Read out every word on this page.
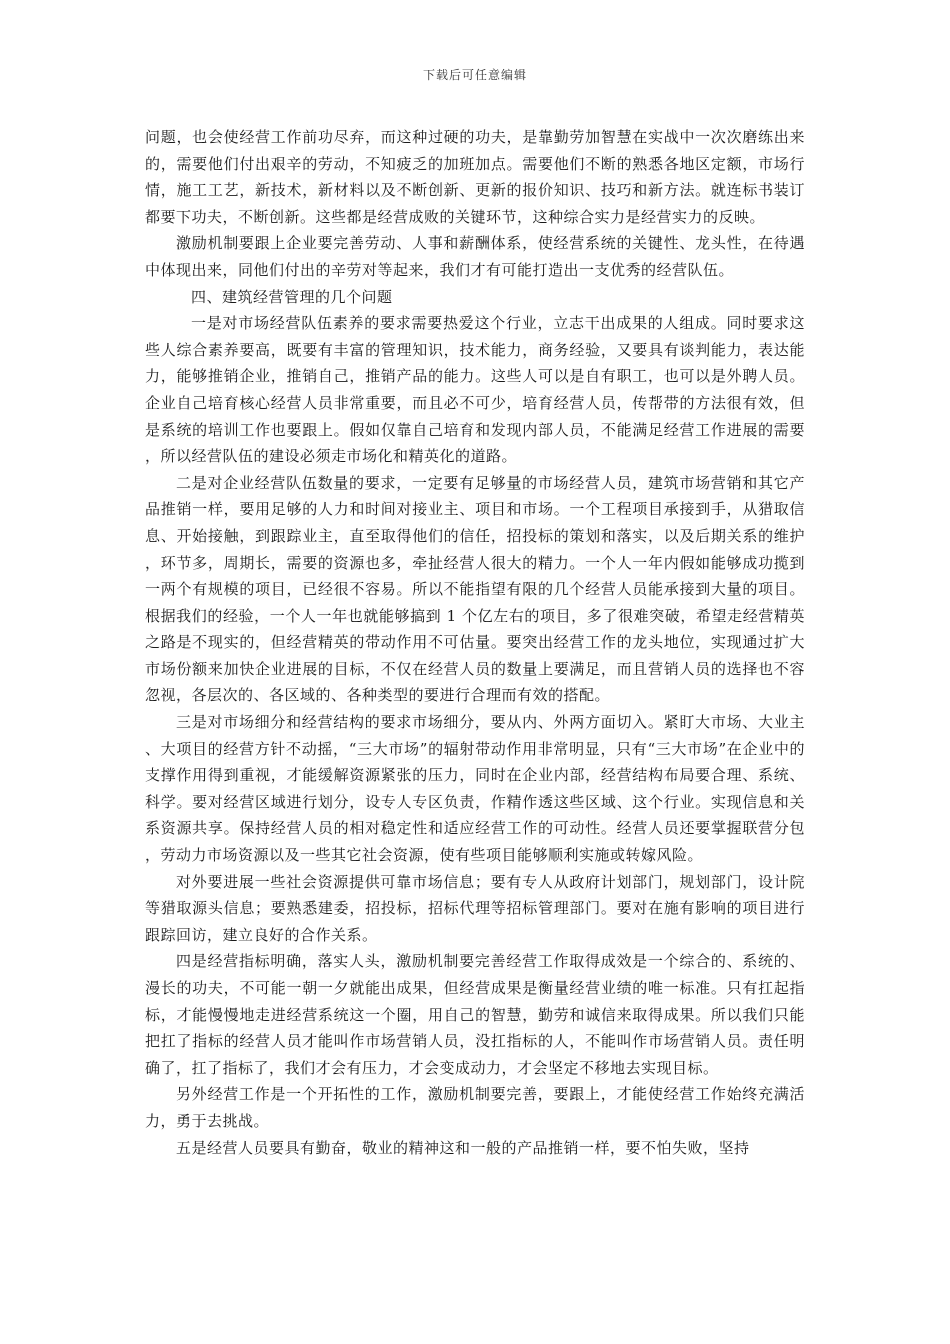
下载后可任意编辑

问题，也会使经营工作前功尽弃，而这种过硬的功夫，是靠勤劳加智慧在实战中一次次磨练出来的，需要他们付出艰辛的劳动，不知疲乏的加班加点。需要他们不断的熟悉各地区定额，市场行情，施工工艺，新技术，新材料以及不断创新、更新的报价知识、技巧和新方法。就连标书装订都要下功夫，不断创新。这些都是经营成败的关键环节，这种综合实力是经营实力的反映。

激励机制要跟上企业要完善劳动、人事和薪酬体系，使经营系统的关键性、龙头性，在待遇中体现出来，同他们付出的辛劳对等起来，我们才有可能打造出一支优秀的经营队伍。

四、建筑经营管理的几个问题

一是对市场经营队伍素养的要求需要热爱这个行业，立志干出成果的人组成。同时要求这些人综合素养要高，既要有丰富的管理知识，技术能力，商务经验，又要具有谈判能力，表达能力，能够推销企业，推销自己，推销产品的能力。这些人可以是自有职工，也可以是外聘人员。企业自己培育核心经营人员非常重要，而且必不可少，培育经营人员，传帮带的方法很有效，但是系统的培训工作也要跟上。假如仅靠自己培育和发现内部人员，不能满足经营工作进展的需要，所以经营队伍的建设必须走市场化和精英化的道路。

二是对企业经营队伍数量的要求，一定要有足够量的市场经营人员，建筑市场营销和其它产品推销一样，要用足够的人力和时间对接业主、项目和市场。一个工程项目承接到手，从猎取信息、开始接触，到跟踪业主，直至取得他们的信任，招投标的策划和落实，以及后期关系的维护，环节多，周期长，需要的资源也多，牵扯经营人很大的精力。一个人一年内假如能够成功揽到一两个有规模的项目，已经很不容易。所以不能指望有限的几个经营人员能承接到大量的项目。根据我们的经验，一个人一年也就能够搞到 1 个亿左右的项目，多了很难突破，希望走经营精英之路是不现实的，但经营精英的带动作用不可估量。要突出经营工作的龙头地位，实现通过扩大市场份额来加快企业进展的目标，不仅在经营人员的数量上要满足，而且营销人员的选择也不容忽视，各层次的、各区域的、各种类型的要进行合理而有效的搭配。

三是对市场细分和经营结构的要求市场细分，要从内、外两方面切入。紧盯大市场、大业主、大项目的经营方针不动摇，“三大市场”的辐射带动作用非常明显，只有“三大市场”在企业中的支撑作用得到重视，才能缓解资源紧张的压力，同时在企业内部，经营结构布局要合理、系统、科学。要对经营区域进行划分，设专人专区负责，作精作透这些区域、这个行业。实现信息和关系资源共享。保持经营人员的相对稳定性和适应经营工作的可动性。经营人员还要掌握联营分包，劳动力市场资源以及一些其它社会资源，使有些项目能够顺利实施或转嫁风险。

对外要进展一些社会资源提供可靠市场信息；要有专人从政府计划部门，规划部门，设计院等猎取源头信息；要熟悉建委，招投标，招标代理等招标管理部门。要对在施有影响的项目进行跟踪回访，建立良好的合作关系。

四是经营指标明确，落实人头，激励机制要完善经营工作取得成效是一个综合的、系统的、漫长的功夫，不可能一朝一夕就能出成果，但经营成果是衡量经营业绩的唯一标准。只有扛起指标，才能慢慢地走进经营系统这一个圈，用自己的智慧，勤劳和诚信来取得成果。所以我们只能把扛了指标的经营人员才能叫作市场营销人员，没扛指标的人，不能叫作市场营销人员。责任明确了，扛了指标了，我们才会有压力，才会变成动力，才会坚定不移地去实现目标。

另外经营工作是一个开拓性的工作，激励机制要完善，要跟上，才能使经营工作始终充满活力，勇于去挑战。

五是经营人员要具有勤奋，敬业的精神这和一般的产品推销一样，要不怕失败，坚持
